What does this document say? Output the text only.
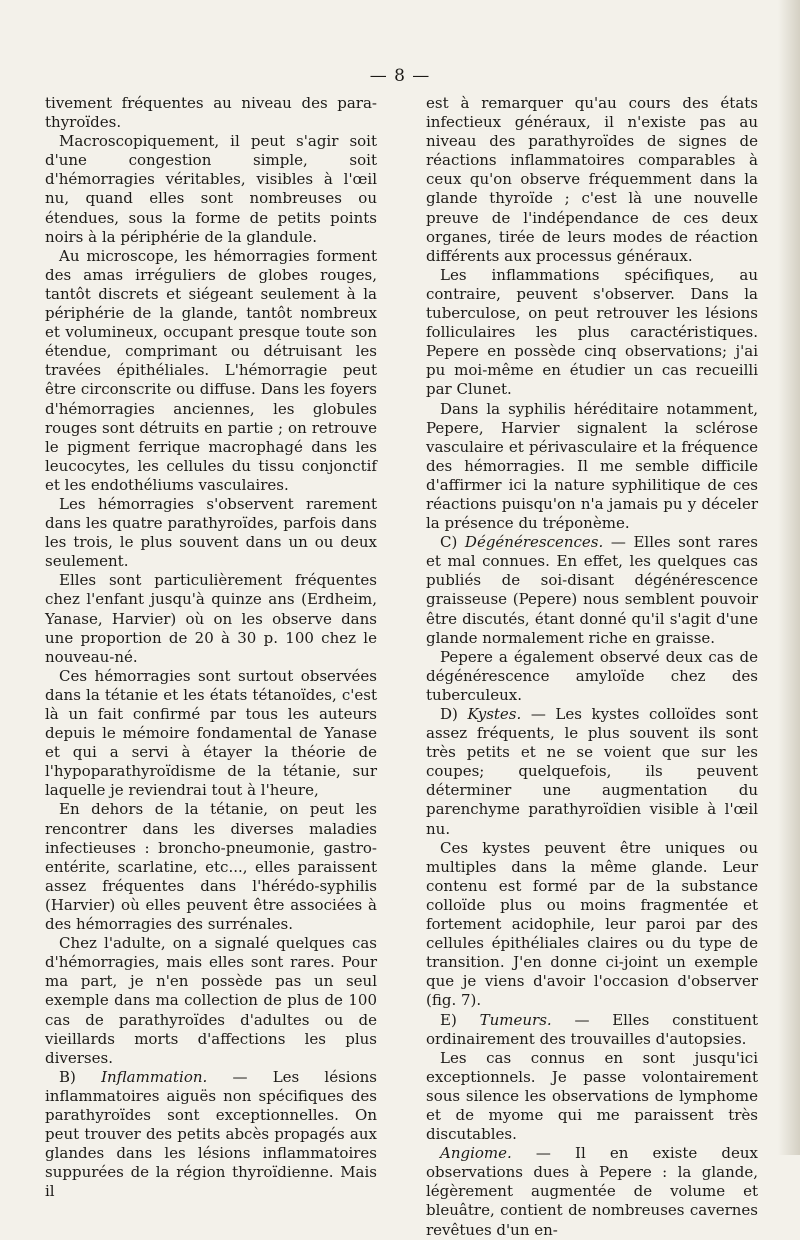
— 8 —

tivement fréquentes au niveau des para-thyroïdes.

Macroscopiquement, il peut s'agir soit d'une congestion simple, soit d'hémorragies véritables, visibles à l'œil nu, quand elles sont nombreuses ou étendues, sous la forme de petits points noirs à la périphérie de la glandule.

Au microscope, les hémorragies forment des amas irréguliers de globes rouges, tantôt discrets et siégeant seulement à la périphérie de la glande, tantôt nombreux et volumineux, occupant presque toute son étendue, comprimant ou détruisant les travées épithéliales. L'hémorragie peut être circonscrite ou diffuse. Dans les foyers d'hémorragies anciennes, les globules rouges sont détruits en partie ; on retrouve le pigment ferrique macrophagé dans les leucocytes, les cellules du tissu conjonctif et les endothéliums vasculaires.

Les hémorragies s'observent rarement dans les quatre parathyroïdes, parfois dans les trois, le plus souvent dans un ou deux seulement.

Elles sont particulièrement fréquentes chez l'enfant jusqu'à quinze ans (Erdheim, Yanase, Harvier) où on les observe dans une proportion de 20 à 30 p. 100 chez le nouveau-né.

Ces hémorragies sont surtout observées dans la tétanie et les états tétanoïdes, c'est là un fait confirmé par tous les auteurs depuis le mémoire fondamental de Yanase et qui a servi à étayer la théorie de l'hypoparathyroïdisme de la tétanie, sur laquelle je reviendrai tout à l'heure,

En dehors de la tétanie, on peut les rencontrer dans les diverses maladies infectieuses : broncho-pneumonie, gastro-entérite, scarlatine, etc..., elles paraissent assez fréquentes dans l'hérédo-syphilis (Harvier) où elles peuvent être associées à des hémorragies des surrénales.

Chez l'adulte, on a signalé quelques cas d'hémorragies, mais elles sont rares. Pour ma part, je n'en possède pas un seul exemple dans ma collection de plus de 100 cas de parathyroïdes d'adultes ou de vieillards morts d'affections les plus diverses.

B) Inflammation. — Les lésions inflammatoires aiguës non spécifiques des parathyroïdes sont exceptionnelles. On peut trouver des petits abcès propagés aux glandes dans les lésions inflammatoires suppurées de la région thyroïdienne. Mais il

est à remarquer qu'au cours des états infectieux généraux, il n'existe pas au niveau des parathyroïdes de signes de réactions inflammatoires comparables à ceux qu'on observe fréquemment dans la glande thyroïde ; c'est là une nouvelle preuve de l'indépendance de ces deux organes, tirée de leurs modes de réaction différents aux processus généraux.

Les inflammations spécifiques, au contraire, peuvent s'observer. Dans la tuberculose, on peut retrouver les lésions folliculaires les plus caractéristiques. Pepere en possède cinq observations; j'ai pu moi-même en étudier un cas recueilli par Clunet.

Dans la syphilis héréditaire notamment, Pepere, Harvier signalent la sclérose vasculaire et périvasculaire et la fréquence des hémorragies. Il me semble difficile d'affirmer ici la nature syphilitique de ces réactions puisqu'on n'a jamais pu y déceler la présence du tréponème.

C) Dégénérescences. — Elles sont rares et mal connues. En effet, les quelques cas publiés de soi-disant dégénérescence graisseuse (Pepere) nous semblent pouvoir être discutés, étant donné qu'il s'agit d'une glande normalement riche en graisse.

Pepere a également observé deux cas de dégénérescence amyloïde chez des tuberculeux.

D) Kystes. — Les kystes colloïdes sont assez fréquents, le plus souvent ils sont très petits et ne se voient que sur les coupes; quelquefois, ils peuvent déterminer une augmentation du parenchyme parathyroïdien visible à l'œil nu.

Ces kystes peuvent être uniques ou multiples dans la même glande. Leur contenu est formé par de la substance colloïde plus ou moins fragmentée et fortement acidophile, leur paroi par des cellules épithéliales claires ou du type de transition. J'en donne ci-joint un exemple que je viens d'avoir l'occasion d'observer (fig. 7).

E) Tumeurs. — Elles constituent ordinairement des trouvailles d'autopsies.

Les cas connus en sont jusqu'ici exceptionnels. Je passe volontairement sous silence les observations de lymphome et de myome qui me paraissent très discutables.

Angiome. — Il en existe deux observations dues à Pepere : la glande, légèrement augmentée de volume et bleuâtre, contient de nombreuses cavernes revêtues d'un en-
